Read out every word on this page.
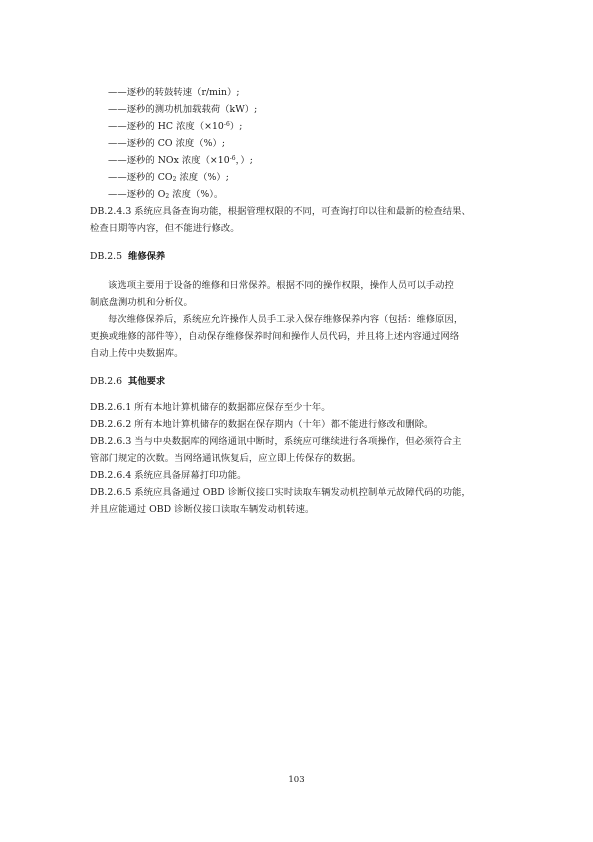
——逐秒的转鼓转速（r/min）;
——逐秒的测功机加载载荷（kW）;
——逐秒的 HC 浓度$(\times 10^{-6})$;
——逐秒的 CO 浓度（%）;
——逐秒的 NOx 浓度（$\times 10^{-6}$，）;
——逐秒的 $CO_2$ 浓度（%）;
——逐秒的 $O_2$ 浓度（%）。
DB.2.4.3 系统应具备查询功能，根据管理权限的不同，可查询打印以往和最新的检查结果、
检查日期等内容，但不能进行修改。
DB.2.5 维修保养
该选项主要用于设备的维修和日常保养。根据不同的操作权限，操作人员可以手动控
制底盘测功机和分析仪。
每次维修保养后，系统应允许操作人员手工录入保存维修保养内容（包括：维修原因，
更换或维修的部件等），自动保存维修保养时间和操作人员代码，并且将上述内容通过网络
自动上传中央数据库。
DB.2.6 其他要求
DB.2.6.1 所有本地计算机储存的数据都应保存至少十年。
DB.2.6.2 所有本地计算机储存的数据在保存期内（十年）都不能进行修改和删除。
DB.2.6.3 当与中央数据库的网络通讯中断时，系统应可继续进行各项操作，但必须符合主
管部门规定的次数。当网络通讯恢复后，应立即上传保存的数据。
DB.2.6.4 系统应具备屏幕打印功能。
DB.2.6.5 系统应具备通过 OBD 诊断仪接口实时读取车辆发动机控制单元故障代码的功能，
并且应能通过 OBD 诊断仪接口读取车辆发动机转速。
103
